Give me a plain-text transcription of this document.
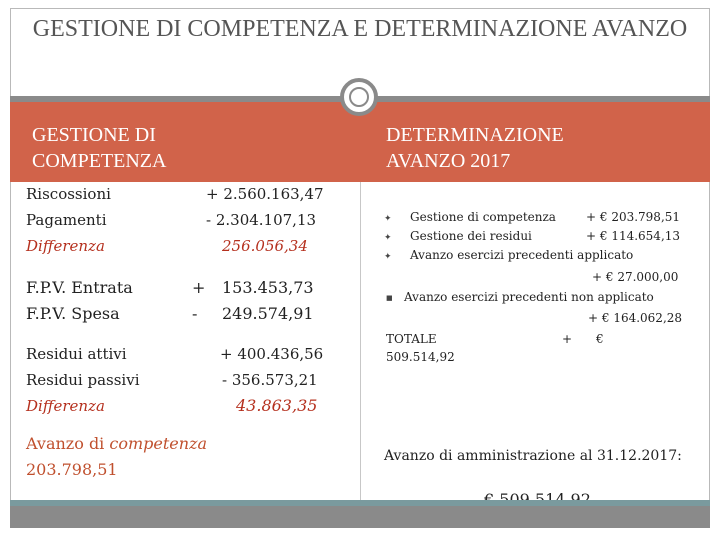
GESTIONE DI COMPETENZA E DETERMINAZIONE AVANZO
GESTIONE DI COMPETENZA
DETERMINAZIONE AVANZO 2017
Riscossioni	+ 2.560.163,47
Pagamenti	- 2.304.107,13
Differenza	256.056,34
F.P.V. Entrata	+ 153.453,73
F.P.V. Spesa	- 249.574,91
Residui attivi	+ 400.436,56
Residui passivi	- 356.573,21
Differenza	43.863,35
Avanzo di competenza
203.798,51
✦ Gestione di competenza	+ € 203.798,51
✦ Gestione dei residui	+ € 114.654,13
✦ Avanzo esercizi precedenti applicato
+ € 27.000,00
■ Avanzo esercizi precedenti non applicato
+ € 164.062,28
TOTALE	+ €
509.514,92
Avanzo di amministrazione al 31.12.2017:
